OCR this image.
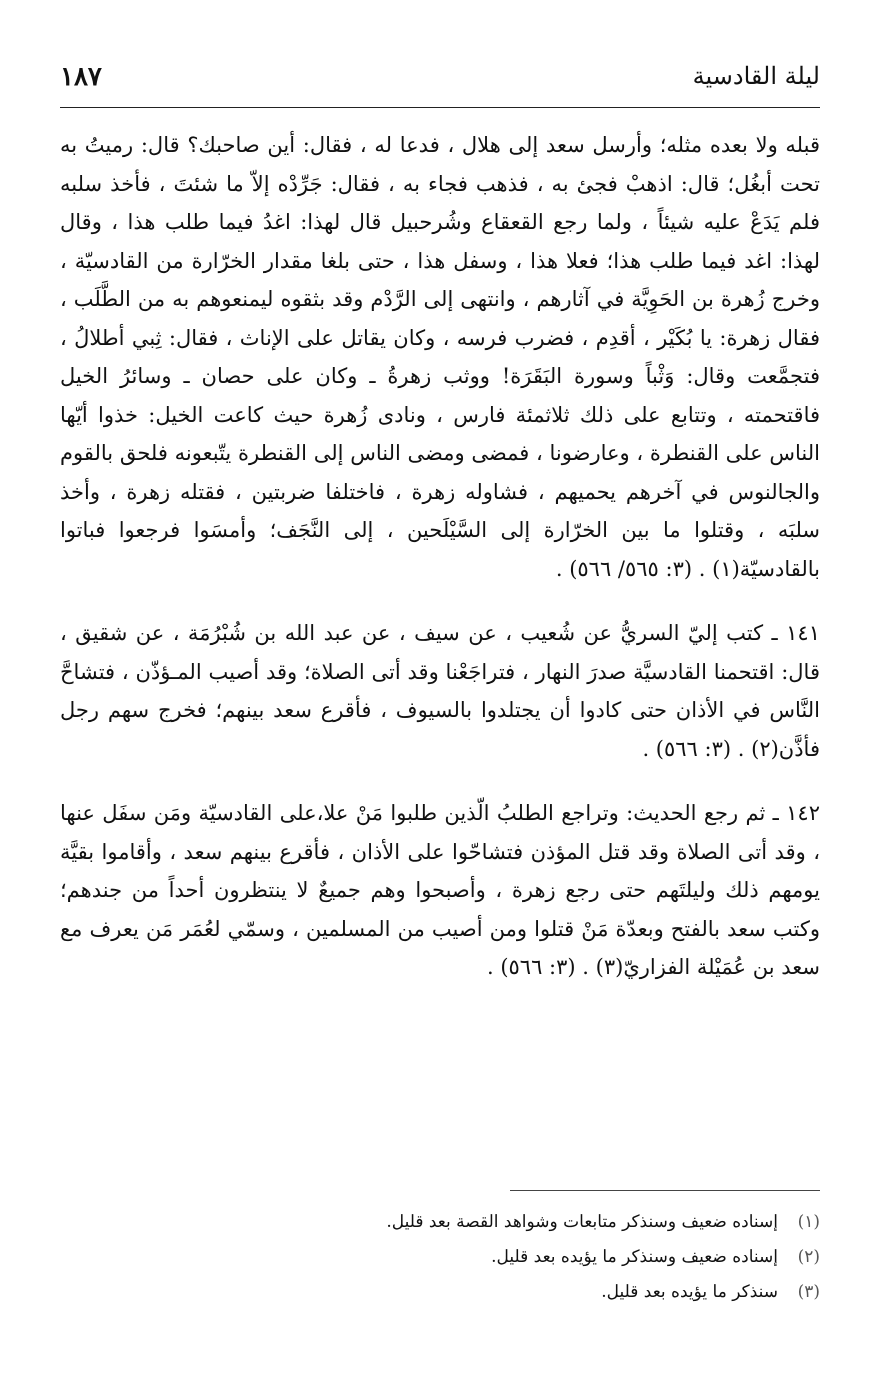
١٨٧	ليلة القادسية

قبله ولا بعده مثله؛ وأرسل سعد إلى هلال ، فدعا له ، فقال: أين صاحبك؟ قال: رميتُ به تحت أبغُل؛ قال: اذهبْ فجئ به ، فذهب فجاء به ، فقال: جَرِّدْه إلاّ ما شئتَ ، فأخذ سلبه فلم يَدَعْ عليه شيئاً ، ولما رجع القعقاع وشُرحبيل قال لهذا: اغدُ فيما طلب هذا ، وقال لهذا: اغد فيما طلب هذا؛ فعلا هذا ، وسفل هذا ، حتى بلغا مقدار الخرّارة من القادسيّة ، وخرج زُهرة بن الحَوِيَّة في آثارهم ، وانتهى إلى الرَّدْم وقد بثقوه ليمنعوهم به من الطَّلَب ، فقال زهرة: يا بُكَيْر ، أقدِم ، فضرب فرسه ، وكان يقاتل على الإناث ، فقال: ثِبي أطلالُ ، فتجمَّعت وقال: وَثْباً وسورة البَقَرَة! ووثب زهرةُ ـ وكان على حصان ـ وسائرُ الخيل فاقتحمته ، وتتابع على ذلك ثلاثمئة فارس ، ونادى زُهرة حيث كاعت الخيل: خذوا أيّها الناس على القنطرة ، وعارضونا ، فمضى ومضى الناس إلى القنطرة يتّبعونه فلحق بالقوم والجالنوس في آخرهم يحميهم ، فشاوله زهرة ، فاختلفا ضربتين ، فقتله زهرة ، وأخذ سلبَه ، وقتلوا ما بين الخرّارة إلى السَّيْلَحين ، إلى النَّجَف؛ وأمسَوا فرجعوا فباتوا بالقادسيّة(١) . (٣: ٥٦٥/ ٥٦٦) .

١٤١ ـ كتب إليّ السريُّ عن شُعيب ، عن سيف ، عن عبد الله بن شُبْرُمَة ، عن شقيق ، قال: اقتحمنا القادسيَّة صدرَ النهار ، فتراجَعْنا وقد أتى الصلاة؛ وقد أصيب المـؤذّن ، فتشاحَّ النَّاس في الأذان حتى كادوا أن يجتلدوا بالسيوف ، فأقرع سعد بينهم؛ فخرج سهم رجل فأذَّن(٢) . (٣: ٥٦٦) .

١٤٢ ـ ثم رجع الحديث: وتراجع الطلبُ الّذين طلبوا مَنْ علا،على القادسيّة ومَن سفَل عنها ، وقد أتى الصلاة وقد قتل المؤذن فتشاحّوا على الأذان ، فأقرع بينهم سعد ، وأقاموا بقيَّة يومهم ذلك وليلتَهم حتى رجع زهرة ، وأصبحوا وهم جميعٌ لا ينتظرون أحداً من جندهم؛ وكتب سعد بالفتح وبعدّة مَنْ قتلوا ومن أصيب من المسلمين ، وسمّي لعُمَر مَن يعرف مع سعد بن عُمَيْلة الفزاريّ(٣) . (٣: ٥٦٦) .

(١)
إسناده ضعيف وسنذكر متابعات وشواهد القصة بعد قليل.
(٢)
إسناده ضعيف وسنذكر ما يؤيده بعد قليل.
(٣)
سنذكر ما يؤيده بعد قليل.
